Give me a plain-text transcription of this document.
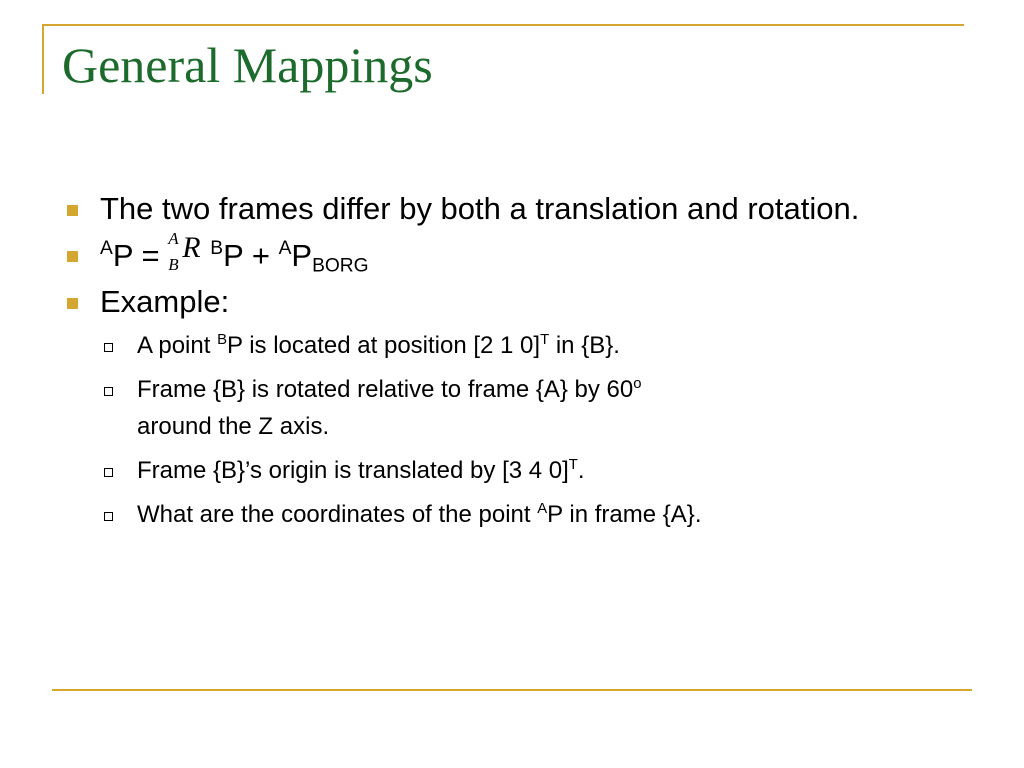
General Mappings
The two frames differ by both a translation and rotation.
$^A$P = A
B
R $^BP + ^AP_{BORG}$
Example:
A point $^B$P is located at position [2 1 0]$^T$ in {B}.
Frame {B} is rotated relative to frame {A} by 60$^o$
around the Z axis.
Frame {B}’s origin is translated by [3 4 0]$^T$.
What are the coordinates of the point $^A$P in frame {A}.
